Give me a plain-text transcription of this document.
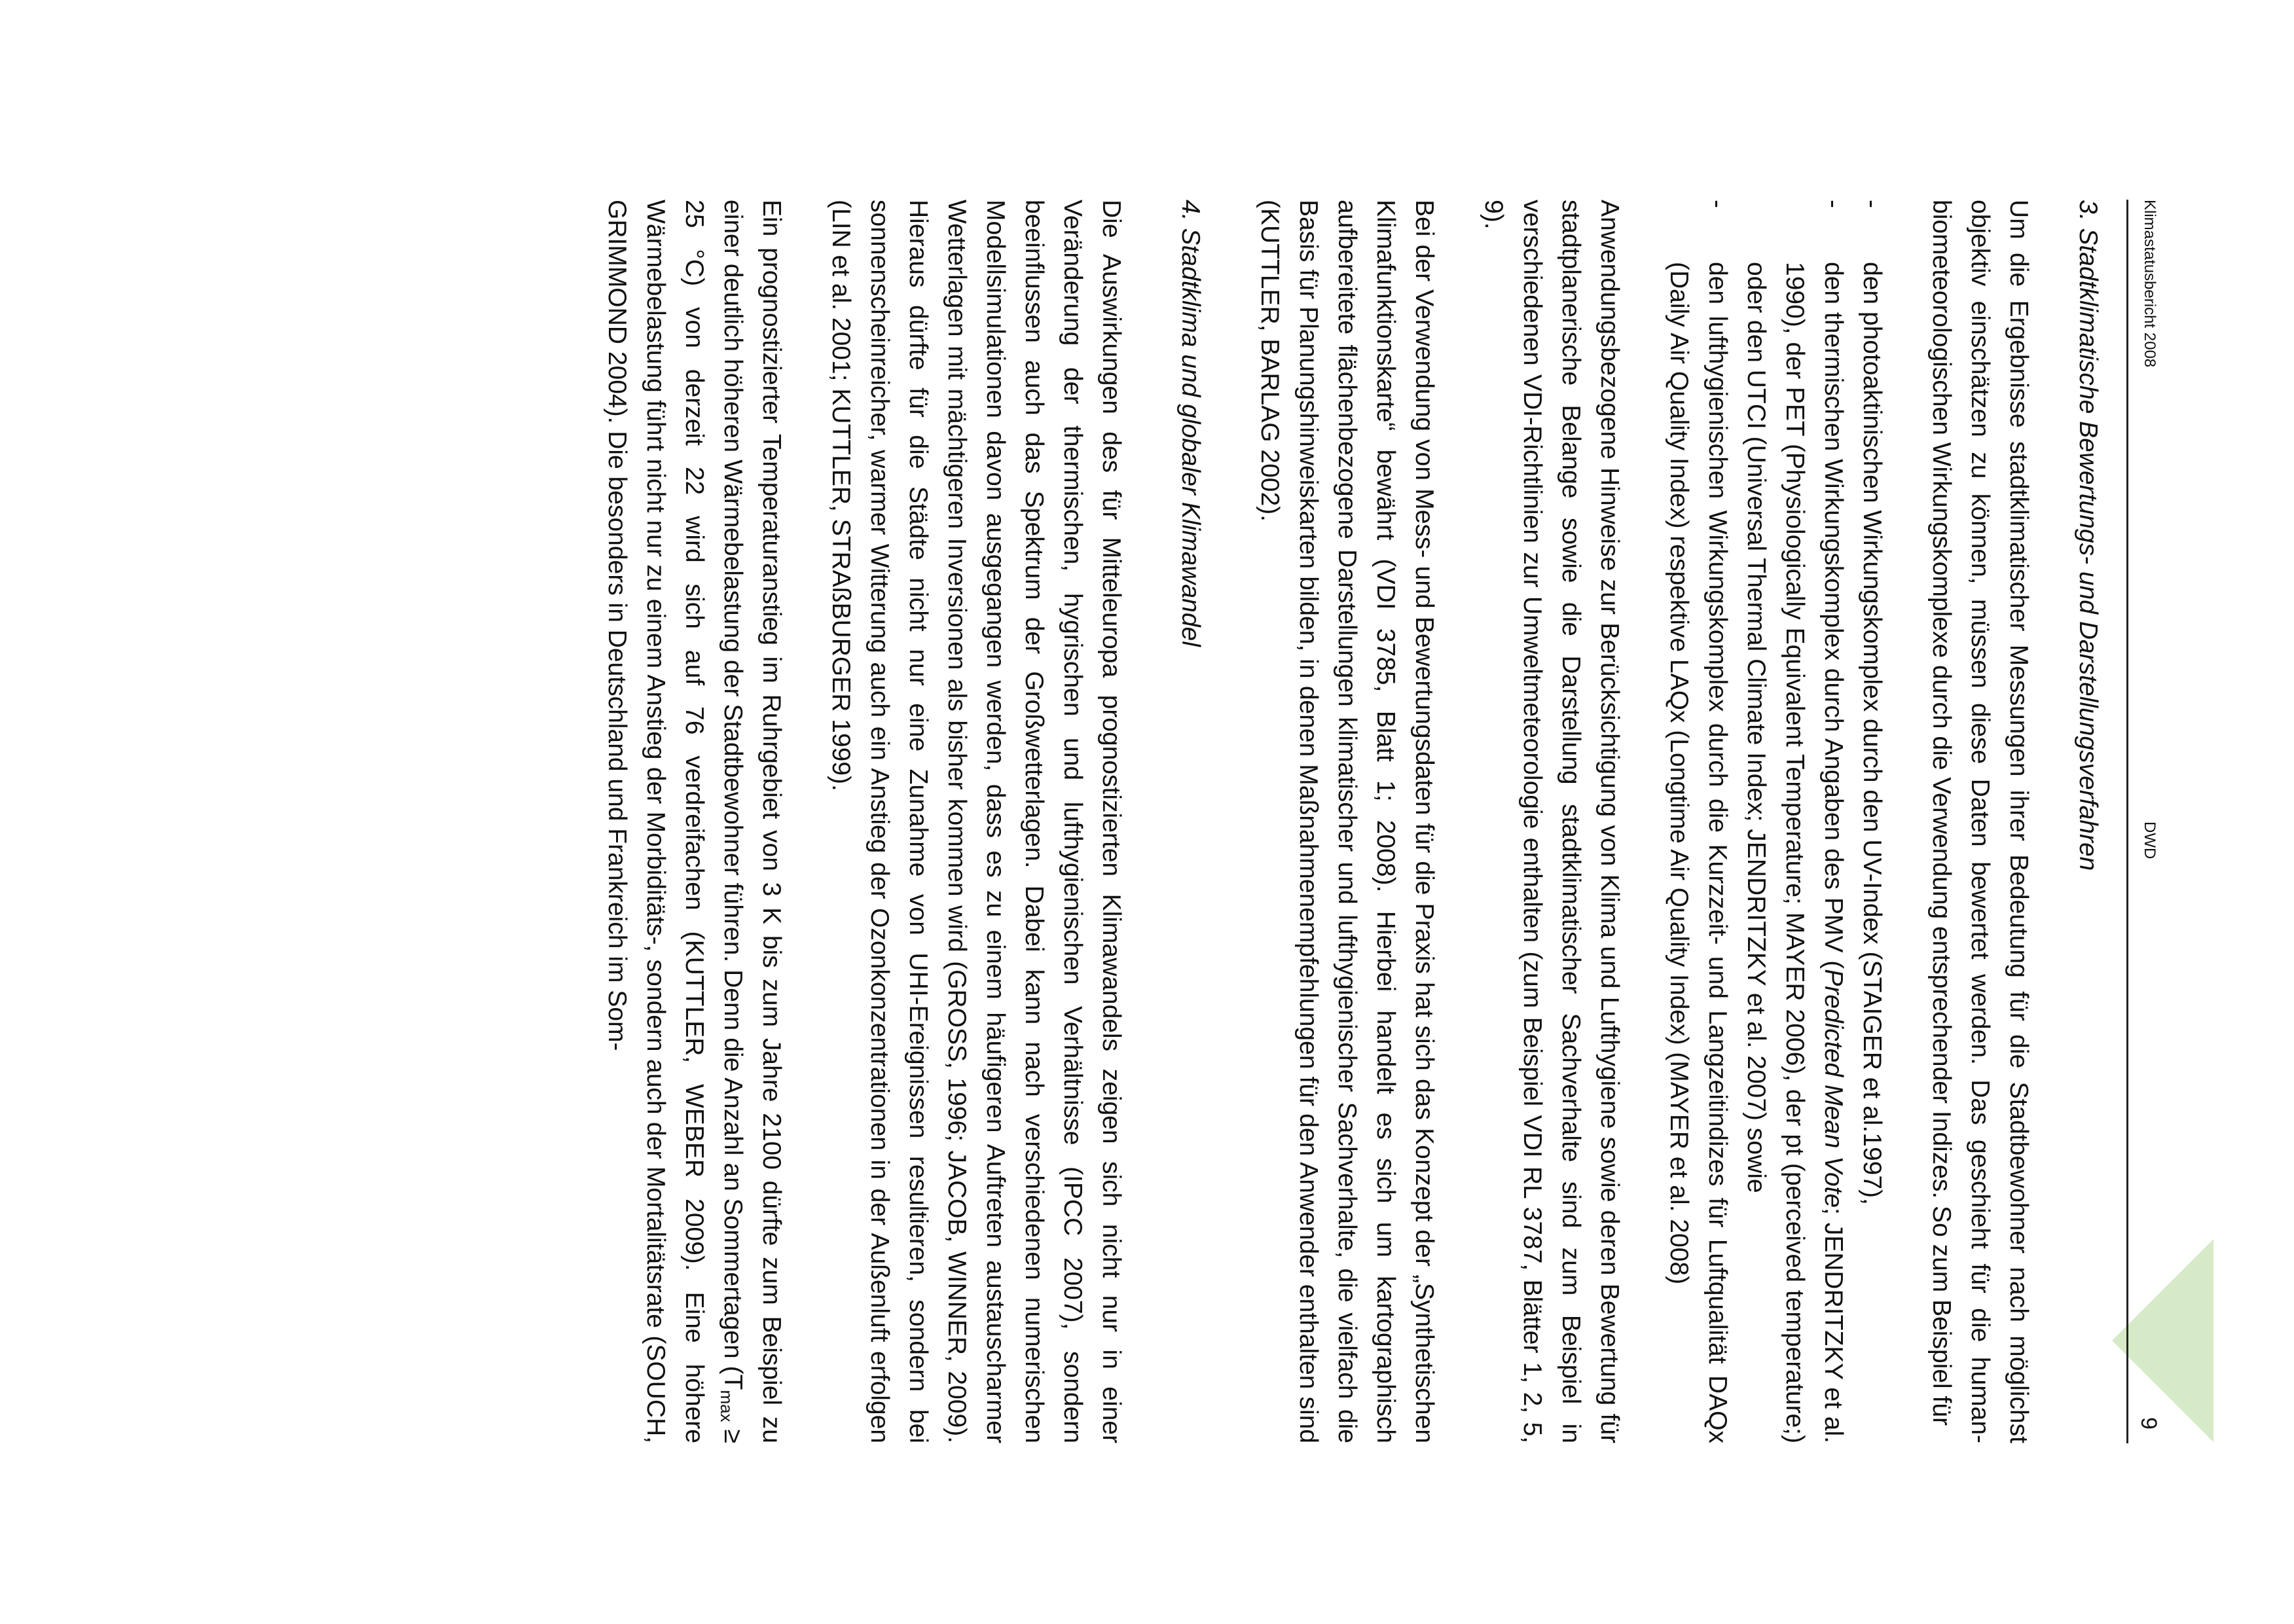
Klimastatusbericht 2008
DWD
9

3. Stadtklimatische Bewertungs- und Darstellungsverfahren

Um die Ergebnisse stadtklimatischer Messungen ihrer Bedeutung für die Stadtbewohner nach möglichst objektiv einschätzen zu können, müssen diese Daten bewertet werden. Das geschieht für die human-biometeorologischen Wirkungskomplexe durch die Verwendung entsprechender Indizes. So zum Beispiel für

-
den photoaktinischen Wirkungskomplex durch den UV-Index (STAIGER et al.1997),
-
den thermischen Wirkungskomplex durch Angaben des PMV (Predicted Mean Vote; JENDRITZKY et al. 1990), der PET (Physiologically Equivalent Temperature; MAYER 2006), der pt (perceived temperature;) oder den UTCI (Universal Thermal Climate Index; JENDRITZKY et al. 2007) sowie
-
den lufthygienischen Wirkungskomplex durch die Kurzzeit- und Langzeitindizes für Luftqualität DAQx (Daily Air Quality Index) respektive LAQx (Longtime Air Quality Index) (MAYER et al. 2008)

Anwendungsbezogene Hinweise zur Berücksichtigung von Klima und Lufthygiene sowie deren Bewertung für stadtplanerische Belange sowie die Darstellung stadtklimatischer Sachverhalte sind zum Beispiel in verschiedenen VDI-Richtlinien zur Umweltmeteorologie enthalten (zum Beispiel VDI RL 3787, Blätter 1, 2, 5, 9).

Bei der Verwendung von Mess- und Bewertungsdaten für die Praxis hat sich das Konzept der „Synthetischen Klimafunktionskarte“ bewährt (VDI 3785, Blatt 1; 2008). Hierbei handelt es sich um kartographisch aufbereitete flächenbezogene Darstellungen klimatischer und lufthygienischer Sachverhalte, die vielfach die Basis für Planungshinweiskarten bilden, in denen Maßnahmenempfehlungen für den Anwender enthalten sind (KUTTLER, BARLAG 2002).

4. Stadtklima und globaler Klimawandel

Die Auswirkungen des für Mitteleuropa prognostizierten Klimawandels zeigen sich nicht nur in einer Veränderung der thermischen, hygrischen und lufthygienischen Verhältnisse (IPCC 2007), sondern beeinflussen auch das Spektrum der Großwetterlagen. Dabei kann nach verschiedenen numerischen Modellsimulationen davon ausgegangen werden, dass es zu einem häufigeren Auftreten austauscharmer Wetterlagen mit mächtigeren Inversionen als bisher kommen wird (GROSS, 1996; JACOB, WINNER, 2009). Hieraus dürfte für die Städte nicht nur eine Zunahme von UHI-Ereignissen resultieren, sondern bei sonnenscheinreicher, warmer Witterung auch ein Anstieg der Ozonkonzentrationen in der Außenluft erfolgen (LIN et al. 2001; KUTTLER, STRAßBURGER 1999).

Ein prognostizierter Temperaturanstieg im Ruhrgebiet von 3 K bis zum Jahre 2100 dürfte zum Beispiel zu einer deutlich höheren Wärmebelastung der Stadtbewohner führen. Denn die Anzahl an Sommertagen ($T_{max} \ge 25$ °C) von derzeit 22 wird sich auf 76 verdreifachen (KUTTLER, WEBER 2009). Eine höhere Wärmebelastung führt nicht nur zu einem Anstieg der Morbiditäts-, sondern auch der Mortalitätsrate (SOUCH, GRIMMOND 2004). Die besonders in Deutschland und Frankreich im Som-
